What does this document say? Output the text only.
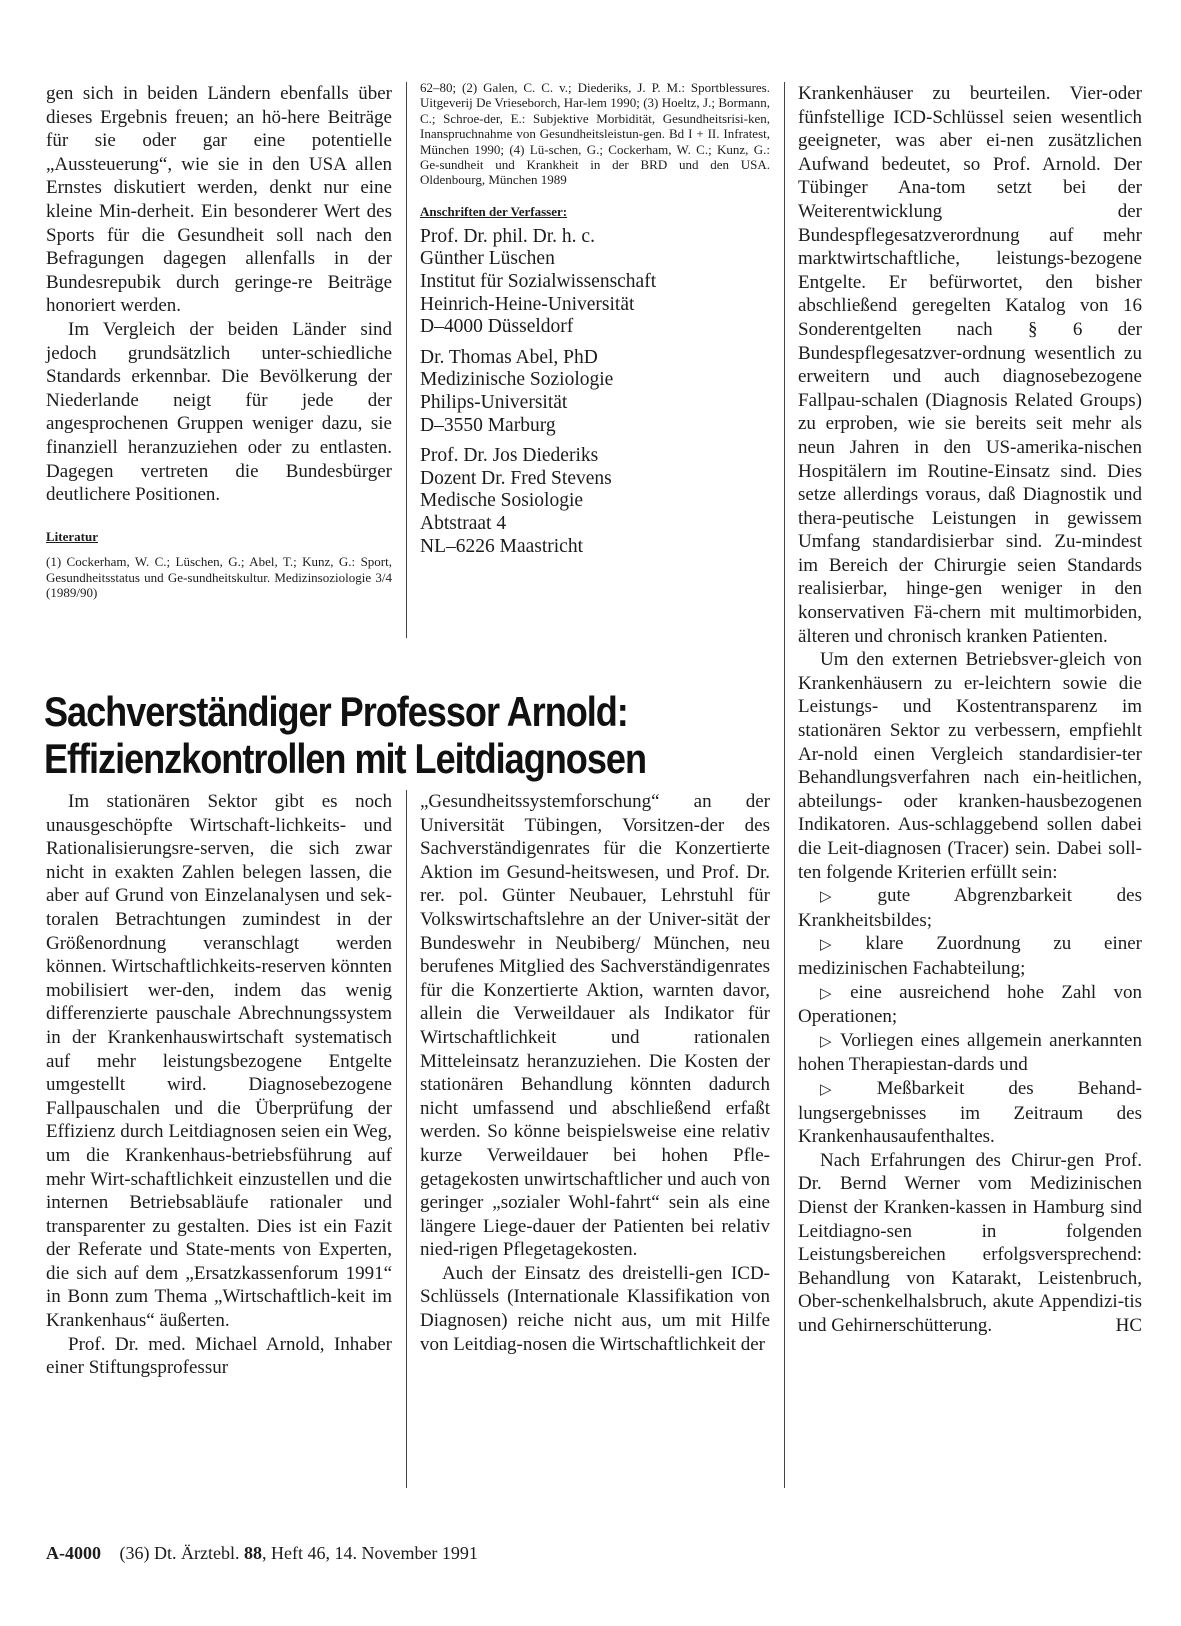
gen sich in beiden Ländern ebenfalls über dieses Ergebnis freuen; an hö-here Beiträge für sie oder gar eine potentielle „Aussteuerung“, wie sie in den USA allen Ernstes diskutiert werden, denkt nur eine kleine Min-derheit. Ein besonderer Wert des Sports für die Gesundheit soll nach den Befragungen dagegen allenfalls in der Bundesrepubik durch geringe-re Beiträge honoriert werden.

Im Vergleich der beiden Länder sind jedoch grundsätzlich unter-schiedliche Standards erkennbar. Die Bevölkerung der Niederlande neigt für jede der angesprochenen Gruppen weniger dazu, sie finanziell heranzuziehen oder zu entlasten. Dagegen vertreten die Bundesbürger deutlichere Positionen.

Literatur
(1) Cockerham, W. C.; Lüschen, G.; Abel, T.; Kunz, G.: Sport, Gesundheitsstatus und Ge-sundheitskultur. Medizinsoziologie 3/4 (1989/90)
62–80; (2) Galen, C. C. v.; Diederiks, J. P. M.: Sportblessures. Uitgeverij De Vrieseborch, Har-lem 1990; (3) Hoeltz, J.; Bormann, C.; Schroe-der, E.: Subjektive Morbidität, Gesundheitsrisi-ken, Inanspruchnahme von Gesundheitsleistun-gen. Bd I + II. Infratest, München 1990; (4) Lü-schen, G.; Cockerham, W. C.; Kunz, G.: Ge-sundheit und Krankheit in der BRD und den USA. Oldenbourg, München 1989
Anschriften der Verfasser:
Prof. Dr. phil. Dr. h. c.
Günther Lüschen
Institut für Sozialwissenschaft
Heinrich-Heine-Universität
D–4000 Düsseldorf
Dr. Thomas Abel, PhD
Medizinische Soziologie
Philips-Universität
D–3550 Marburg
Prof. Dr. Jos Diederiks
Dozent Dr. Fred Stevens
Medische Sosiologie
Abtstraat 4
NL–6226 Maastricht

Krankenhäuser zu beurteilen. Vier-oder fünfstellige ICD-Schlüssel seien wesentlich geeigneter, was aber ei-nen zusätzlichen Aufwand bedeutet, so Prof. Arnold. Der Tübinger Ana-tom setzt bei der Weiterentwicklung der Bundespflegesatzverordnung auf mehr marktwirtschaftliche, leistungs-bezogene Entgelte. Er befürwortet, den bisher abschließend geregelten Katalog von 16 Sonderentgelten nach § 6 der Bundespflegesatzver-ordnung wesentlich zu erweitern und auch diagnosebezogene Fallpau-schalen (Diagnosis Related Groups) zu erproben, wie sie bereits seit mehr als neun Jahren in den US-amerika-nischen Hospitälern im Routine-Einsatz sind. Dies setze allerdings voraus, daß Diagnostik und thera-peutische Leistungen in gewissem Umfang standardisierbar sind. Zu-mindest im Bereich der Chirurgie seien Standards realisierbar, hinge-gen weniger in den konservativen Fä-chern mit multimorbiden, älteren und chronisch kranken Patienten.

Um den externen Betriebsver-gleich von Krankenhäusern zu er-leichtern sowie die Leistungs- und Kostentransparenz im stationären Sektor zu verbessern, empfiehlt Ar-nold einen Vergleich standardisier-ter Behandlungsverfahren nach ein-heitlichen, abteilungs- oder kranken-hausbezogenen Indikatoren. Aus-schlaggebend sollen dabei die Leit-diagnosen (Tracer) sein. Dabei soll-ten folgende Kriterien erfüllt sein:

▷ gute Abgrenzbarkeit des Krankheitsbildes;

▷ klare Zuordnung zu einer medizinischen Fachabteilung;

▷ eine ausreichend hohe Zahl von Operationen;

▷ Vorliegen eines allgemein anerkannten hohen Therapiestan-dards und

▷ Meßbarkeit des Behand-lungsergebnisses im Zeitraum des Krankenhausaufenthaltes.

Nach Erfahrungen des Chirur-gen Prof. Dr. Bernd Werner vom Medizinischen Dienst der Kranken-kassen in Hamburg sind Leitdiagno-sen in folgenden Leistungsbereichen erfolgsversprechend: Behandlung von Katarakt, Leistenbruch, Ober-schenkelhalsbruch, akute Appendizi-tis und Gehirnerschütterung.	HC

Sachverständiger Professor Arnold:
Effizienzkontrollen mit Leitdiagnosen

Im stationären Sektor gibt es noch unausgeschöpfte Wirtschaft-lichkeits- und Rationalisierungsre-serven, die sich zwar nicht in exakten Zahlen belegen lassen, die aber auf Grund von Einzelanalysen und sek-toralen Betrachtungen zumindest in der Größenordnung veranschlagt werden können. Wirtschaftlichkeits-reserven könnten mobilisiert wer-den, indem das wenig differenzierte pauschale Abrechnungssystem in der Krankenhauswirtschaft systematisch auf mehr leistungsbezogene Entgelte umgestellt wird. Diagnosebezogene Fallpauschalen und die Überprüfung der Effizienz durch Leitdiagnosen seien ein Weg, um die Krankenhaus-betriebsführung auf mehr Wirt-schaftlichkeit einzustellen und die internen Betriebsabläufe rationaler und transparenter zu gestalten. Dies ist ein Fazit der Referate und State-ments von Experten, die sich auf dem „Ersatzkassenforum 1991“ in Bonn zum Thema „Wirtschaftlich-keit im Krankenhaus“ äußerten.

Prof. Dr. med. Michael Arnold, Inhaber einer Stiftungsprofessur

„Gesundheitssystemforschung“ an der Universität Tübingen, Vorsitzen-der des Sachverständigenrates für die Konzertierte Aktion im Gesund-heitswesen, und Prof. Dr. rer. pol. Günter Neubauer, Lehrstuhl für Volkswirtschaftslehre an der Univer-sität der Bundeswehr in Neubiberg/ München, neu berufenes Mitglied des Sachverständigenrates für die Konzertierte Aktion, warnten davor, allein die Verweildauer als Indikator für Wirtschaftlichkeit und rationalen Mitteleinsatz heranzuziehen. Die Kosten der stationären Behandlung könnten dadurch nicht umfassend und abschließend erfaßt werden. So könne beispielsweise eine relativ kurze Verweildauer bei hohen Pfle-getagekosten unwirtschaftlicher und auch von geringer „sozialer Wohl-fahrt“ sein als eine längere Liege-dauer der Patienten bei relativ nied-rigen Pflegetagekosten.

Auch der Einsatz des dreistelli-gen ICD-Schlüssels (Internationale Klassifikation von Diagnosen) reiche nicht aus, um mit Hilfe von Leitdiag-nosen die Wirtschaftlichkeit der

A-4000 (36) Dt. Ärztebl. 88, Heft 46, 14. November 1991
